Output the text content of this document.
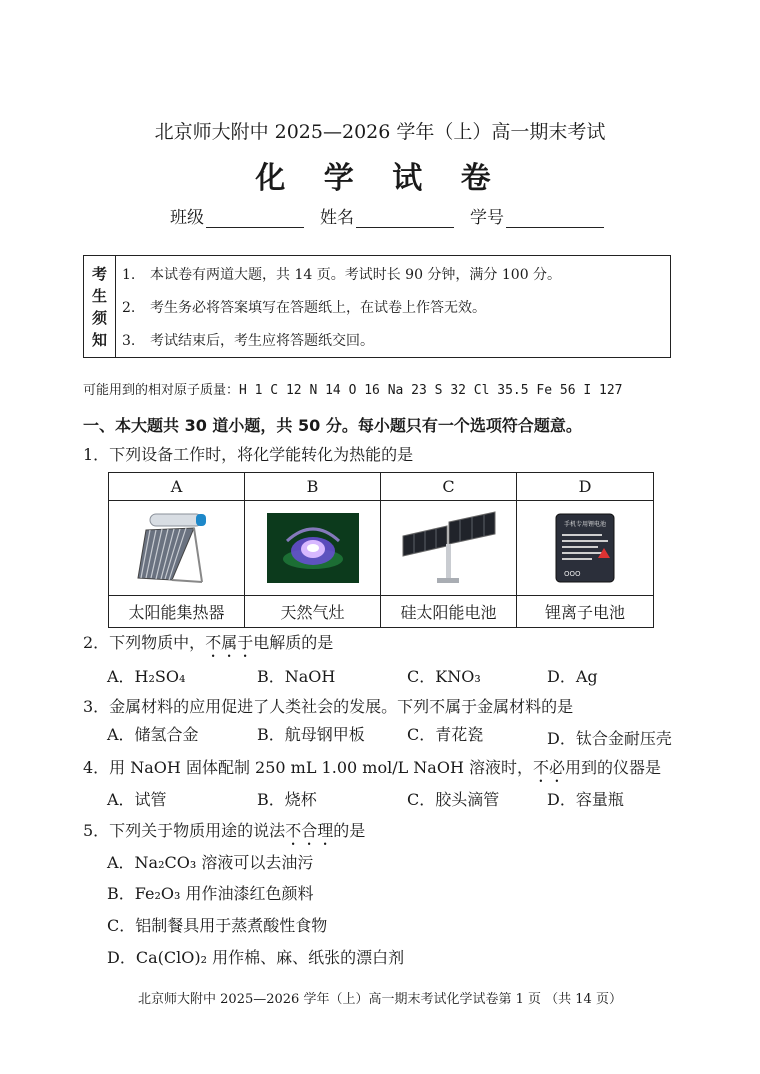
北京师大附中 2025—2026 学年（上）高一期末考试
化 学 试 卷
班级	姓名	学号
考
生
须
知
1. 本试卷有两道大题，共 14 页。考试时长 90 分钟，满分 100 分。
2. 考生务必将答案填写在答题纸上，在试卷上作答无效。
3. 考试结束后，考生应将答题纸交回。
可能用到的相对原子质量：H 1 C 12 N 14 O 16 Na 23 S 32 Cl 35.5 Fe 56 I 127
一、本大题共 30 道小题，共 50 分。每小题只有一个选项符合题意。
1．下列设备工作时，将化学能转化为热能的是
A	B	C	D
手机专用锂电池
OOO
太阳能集热器	天然气灶	硅太阳能电池	锂离子电池
2．下列物质中，不属于电解质的是
A．H₂SO₄	B．NaOH	C．KNO₃	D．Ag
3．金属材料的应用促进了人类社会的发展。下列不属于金属材料的是
A．储氢合金	B．航母钢甲板	C．青花瓷	D．钛合金耐压壳
4．用 NaOH 固体配制 250 mL 1.00 mol/L NaOH 溶液时，不必用到的仪器是
A．试管	B．烧杯	C．胶头滴管	D．容量瓶
5．下列关于物质用途的说法不合理的是
A．Na₂CO₃ 溶液可以去油污
B．Fe₂O₃ 用作油漆红色颜料
C．铝制餐具用于蒸煮酸性食物
D．Ca(ClO)₂ 用作棉、麻、纸张的漂白剂
北京师大附中 2025—2026 学年（上）高一期末考试化学试卷第 1 页 （共 14 页）
